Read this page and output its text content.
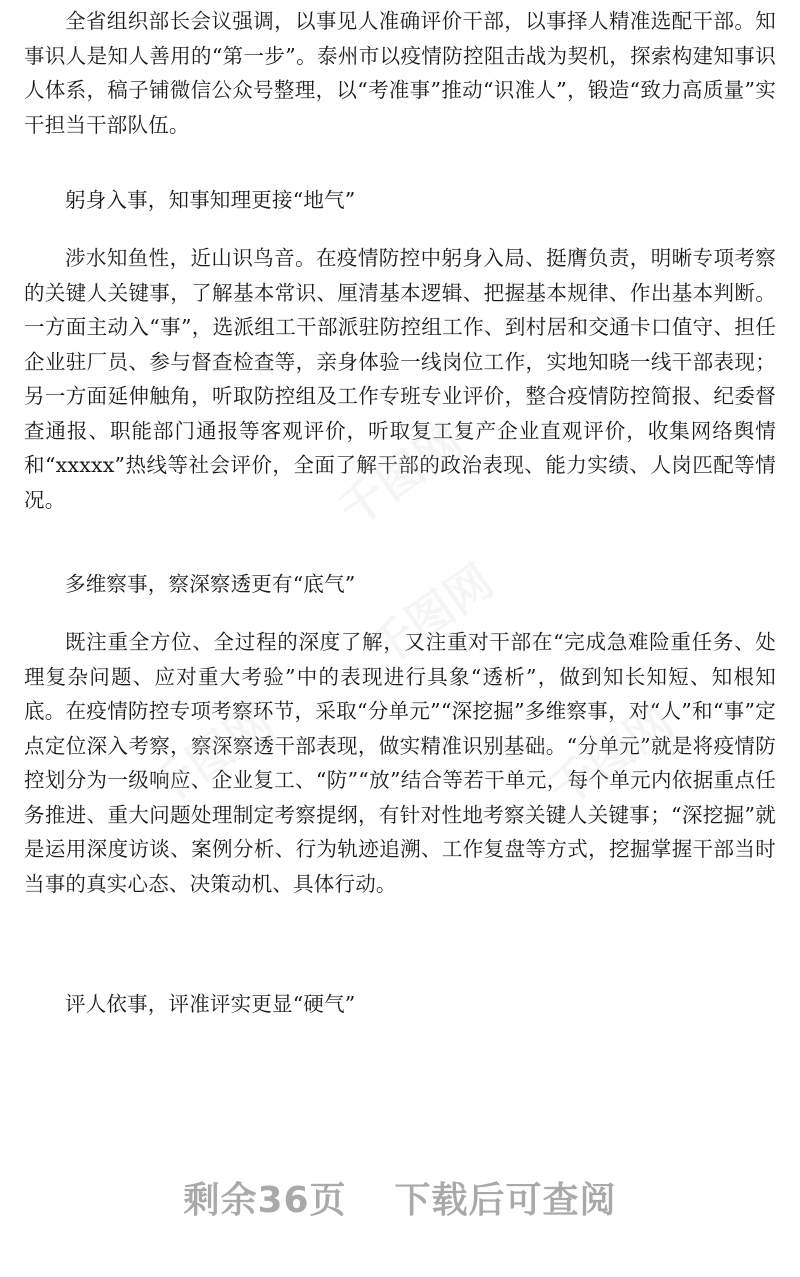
全省组织部长会议强调，以事见人准确评价干部，以事择人精准选配干部。知事识人是知人善用的“第一步”。泰州市以疫情防控阻击战为契机，探索构建知事识人体系，稿子铺微信公众号整理，以“考准事”推动“识准人”，锻造“致力高质量”实干担当干部队伍。

躬身入事，知事知理更接“地气”

涉水知鱼性，近山识鸟音。在疫情防控中躬身入局、挺膺负责，明晰专项考察的关键人关键事，了解基本常识、厘清基本逻辑、把握基本规律、作出基本判断。一方面主动入“事”，选派组工干部派驻防控组工作、到村居和交通卡口值守、担任企业驻厂员、参与督查检查等，亲身体验一线岗位工作，实地知晓一线干部表现；另一方面延伸触角，听取防控组及工作专班专业评价，整合疫情防控简报、纪委督查通报、职能部门通报等客观评价，听取复工复产企业直观评价，收集网络舆情和“xxxxx”热线等社会评价，全面了解干部的政治表现、能力实绩、人岗匹配等情况。

多维察事，察深察透更有“底气”

既注重全方位、全过程的深度了解，又注重对干部在“完成急难险重任务、处理复杂问题、应对重大考验”中的表现进行具象“透析”，做到知长知短、知根知底。在疫情防控专项考察环节，采取“分单元”“深挖掘”多维察事，对“人”和“事”定点定位深入考察，察深察透干部表现，做实精准识别基础。“分单元”就是将疫情防控划分为一级响应、企业复工、“防”“放”结合等若干单元，每个单元内依据重点任务推进、重大问题处理制定考察提纲，有针对性地考察关键人关键事；“深挖掘”就是运用深度访谈、案例分析、行为轨迹追溯、工作复盘等方式，挖掘掌握干部当时当事的真实心态、决策动机、具体行动。

评人依事，评准评实更显“硬气”

千图网
千图网
千图网	千图网
剩余36页 下载后可查阅
